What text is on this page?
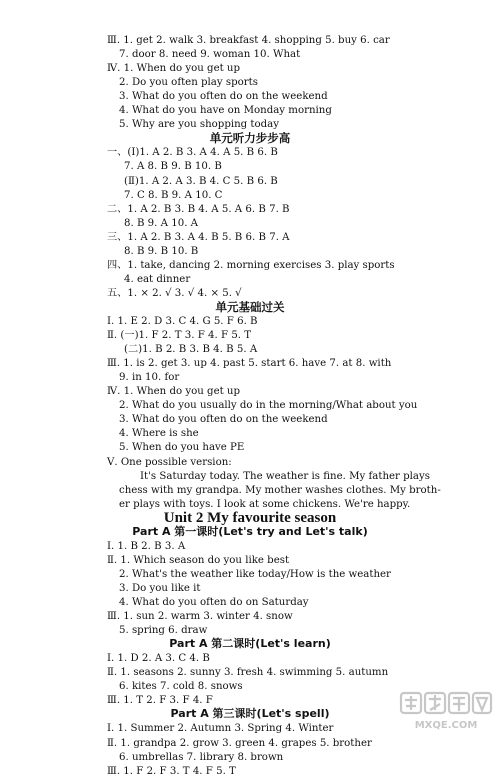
Ⅲ. 1. get 2. walk 3. breakfast 4. shopping 5. buy 6. car
7. door 8. need 9. woman 10. What
Ⅳ. 1. When do you get up
2. Do you often play sports
3. What do you often do on the weekend
4. What do you have on Monday morning
5. Why are you shopping today
单元听力步步高
一、(Ⅰ)1. A 2. B 3. A 4. A 5. B 6. B
7. A 8. B 9. B 10. B
(Ⅱ)1. A 2. A 3. B 4. C 5. B 6. B
7. C 8. B 9. A 10. C
二、1. A 2. B 3. B 4. A 5. A 6. B 7. B
8. B 9. A 10. A
三、1. A 2. B 3. A 4. B 5. B 6. B 7. A
8. B 9. B 10. B
四、1. take, dancing 2. morning exercises 3. play sports
4. eat dinner
五、1. × 2. √ 3. √ 4. × 5. √
单元基础过关
Ⅰ. 1. E 2. D 3. C 4. G 5. F 6. B
Ⅱ. (一)1. F 2. T 3. F 4. F 5. T
(二)1. B 2. B 3. B 4. B 5. A
Ⅲ. 1. is 2. get 3. up 4. past 5. start 6. have 7. at 8. with
9. in 10. for
Ⅳ. 1. When do you get up
2. What do you usually do in the morning/What about you
3. What do you often do on the weekend
4. Where is she
5. When do you have PE
Ⅴ. One possible version:
It's Saturday today. The weather is fine. My father plays
chess with my grandpa. My mother washes clothes. My broth-
er plays with toys. I look at some chickens. We're happy.
Unit 2 My favourite season
Part A 第一课时(Let's try and Let's talk)
Ⅰ. 1. B 2. B 3. A
Ⅱ. 1. Which season do you like best
2. What's the weather like today/How is the weather
3. Do you like it
4. What do you often do on Saturday
Ⅲ. 1. sun 2. warm 3. winter 4. snow
5. spring 6. draw
Part A 第二课时(Let's learn)
Ⅰ. 1. D 2. A 3. C 4. B
Ⅱ. 1. seasons 2. sunny 3. fresh 4. swimming 5. autumn
6. kites 7. cold 8. snows
Ⅲ. 1. T 2. F 3. F 4. F
Part A 第三课时(Let's spell)
Ⅰ. 1. Summer 2. Autumn 3. Spring 4. Winter
Ⅱ. 1. grandpa 2. grow 3. green 4. grapes 5. brother
6. umbrellas 7. library 8. brown
Ⅲ. 1. F 2. F 3. T 4. F 5. T
MXQE.COM
